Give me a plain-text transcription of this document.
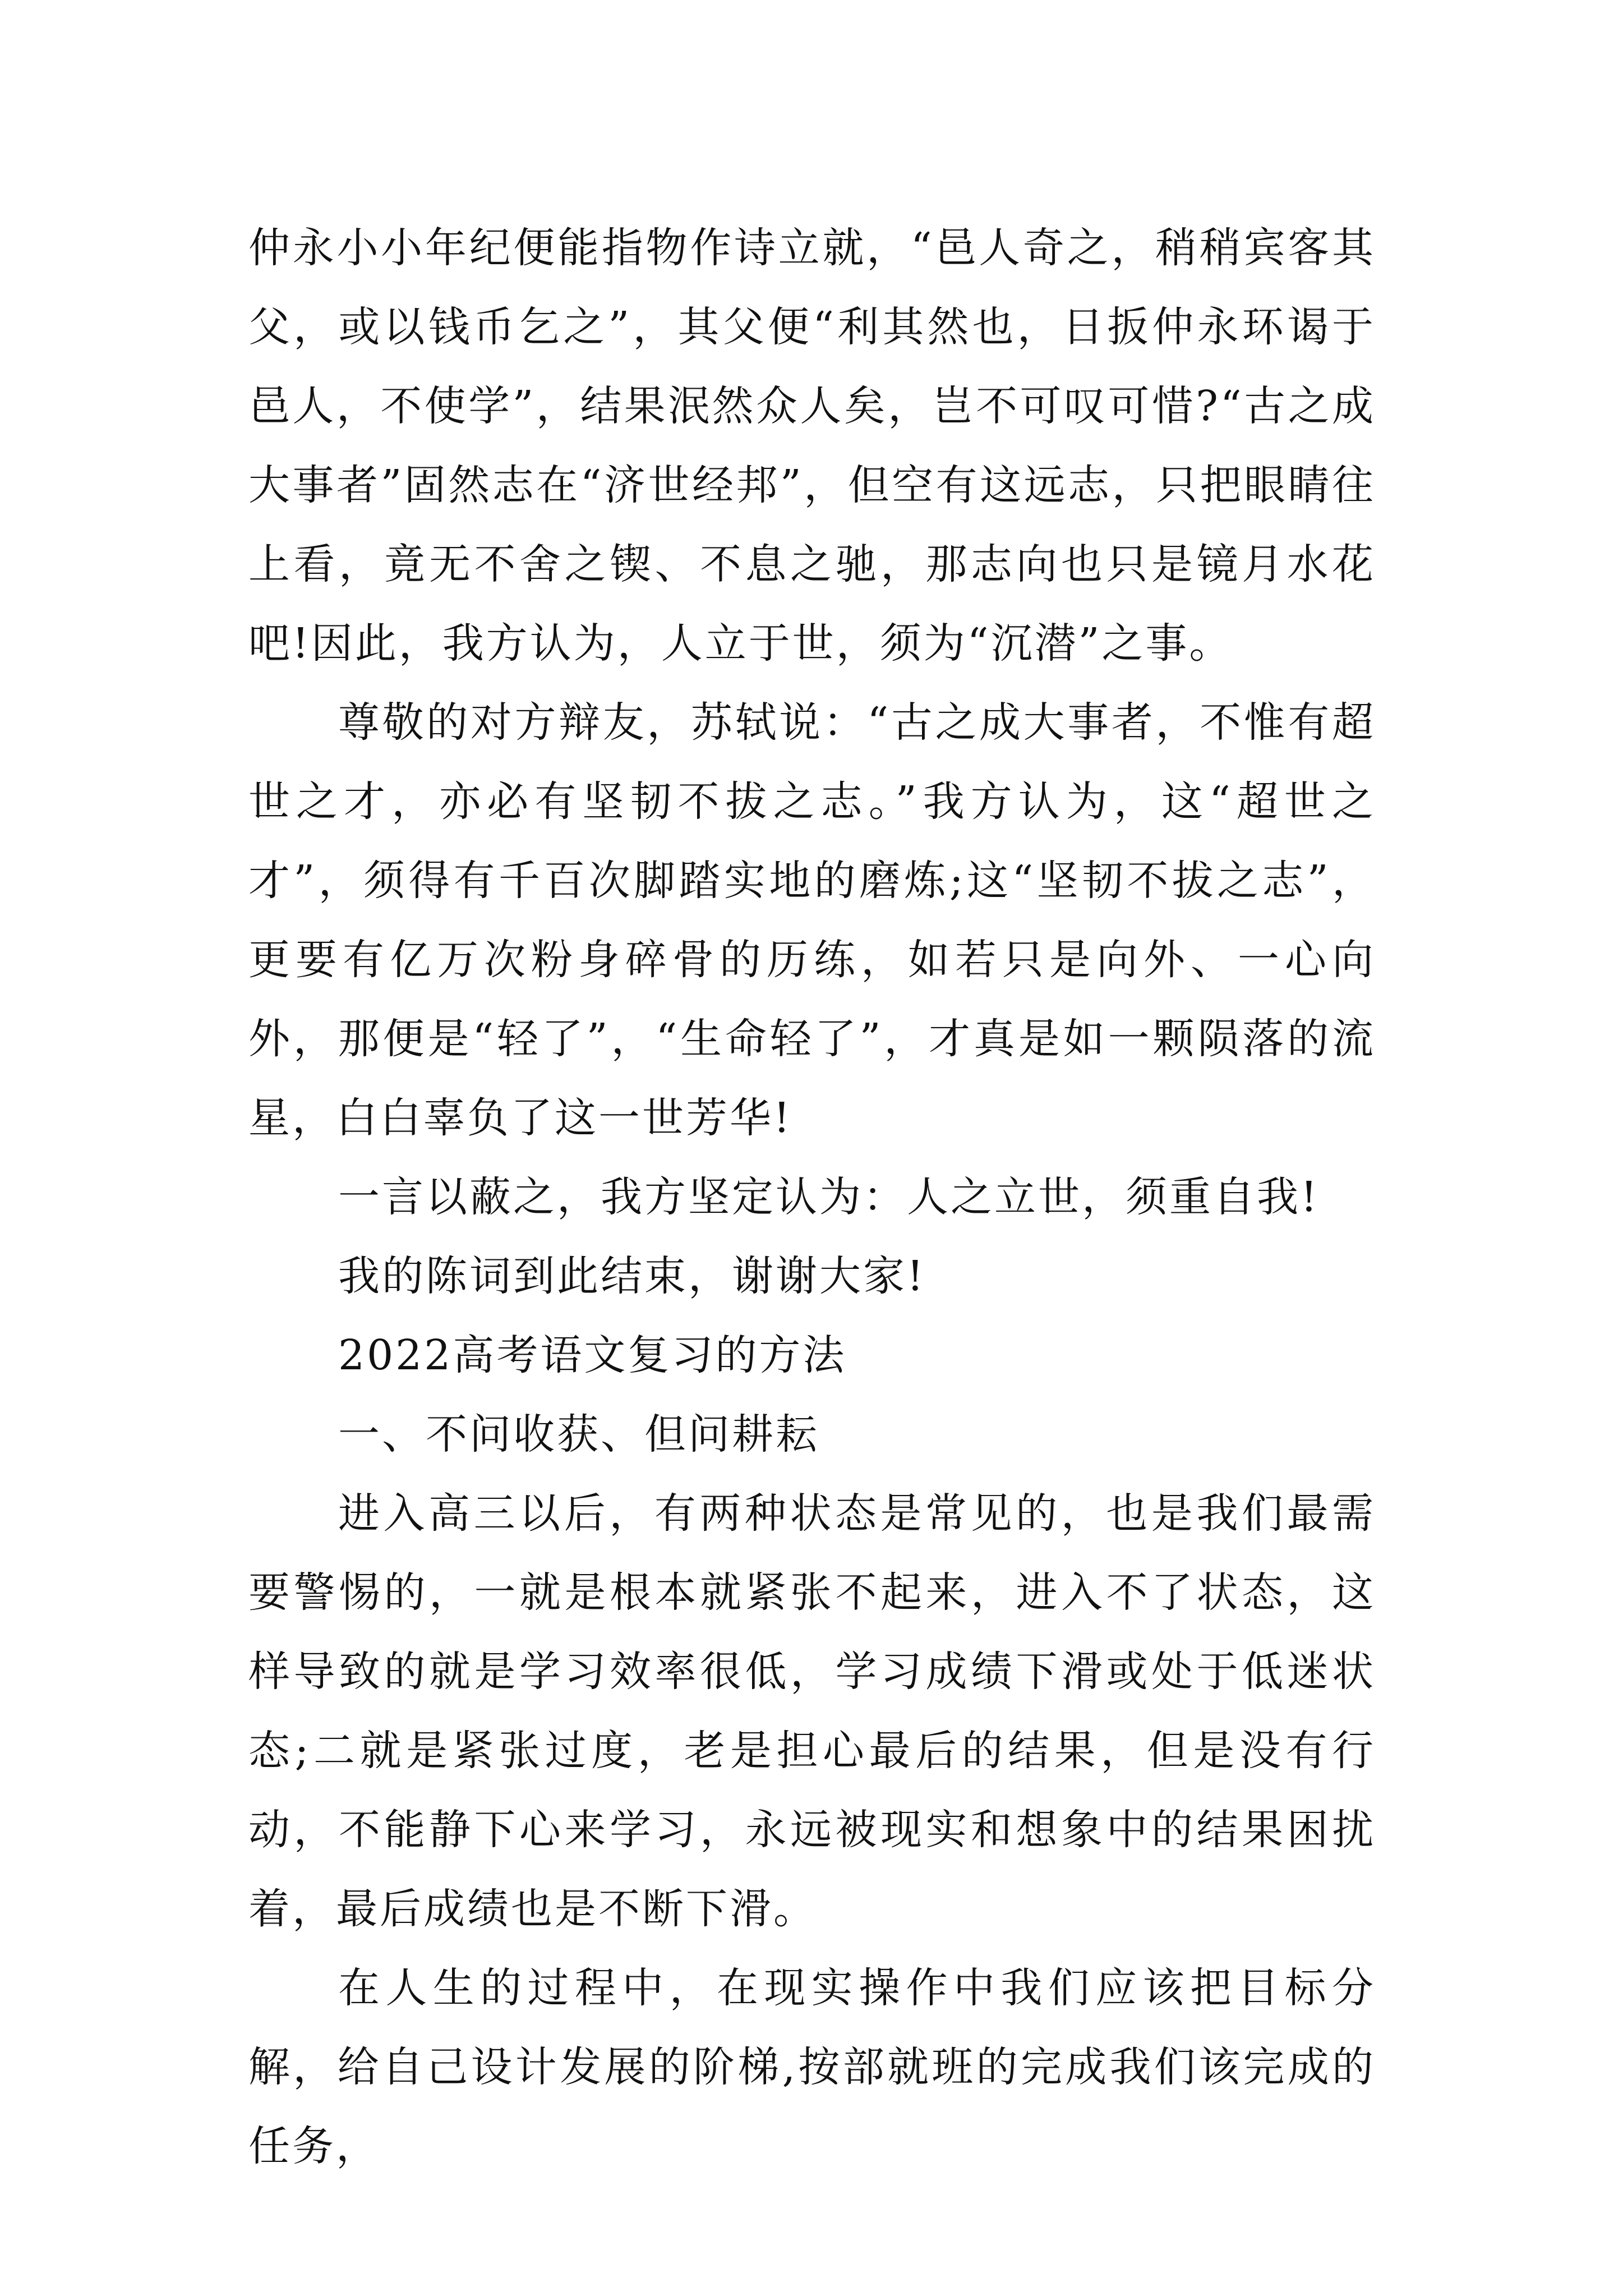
仲永小小年纪便能指物作诗立就，“邑人奇之，稍稍宾客其父，或以钱币乞之”，其父便“利其然也，日扳仲永环谒于邑人，不使学”，结果泯然众人矣，岂不可叹可惜?“古之成大事者”固然志在“济世经邦”，但空有这远志，只把眼睛往上看，竟无不舍之锲、不息之驰，那志向也只是镜月水花吧!因此，我方认为，人立于世，须为“沉潜”之事。

尊敬的对方辩友，苏轼说：“古之成大事者，不惟有超世之才，亦必有坚韧不拔之志。”我方认为，这“超世之才”，须得有千百次脚踏实地的磨炼;这“坚韧不拔之志”，更要有亿万次粉身碎骨的历练，如若只是向外、一心向外，那便是“轻了”，“生命轻了”，才真是如一颗陨落的流星，白白辜负了这一世芳华!

一言以蔽之，我方坚定认为：人之立世，须重自我!

我的陈词到此结束，谢谢大家!

2022高考语文复习的方法

一、不问收获、但问耕耘

进入高三以后，有两种状态是常见的，也是我们最需要警惕的，一就是根本就紧张不起来，进入不了状态，这样导致的就是学习效率很低，学习成绩下滑或处于低迷状态;二就是紧张过度，老是担心最后的结果，但是没有行动，不能静下心来学习，永远被现实和想象中的结果困扰着，最后成绩也是不断下滑。

在人生的过程中，在现实操作中我们应该把目标分解，给自己设计发展的阶梯,按部就班的完成我们该完成的任务，
